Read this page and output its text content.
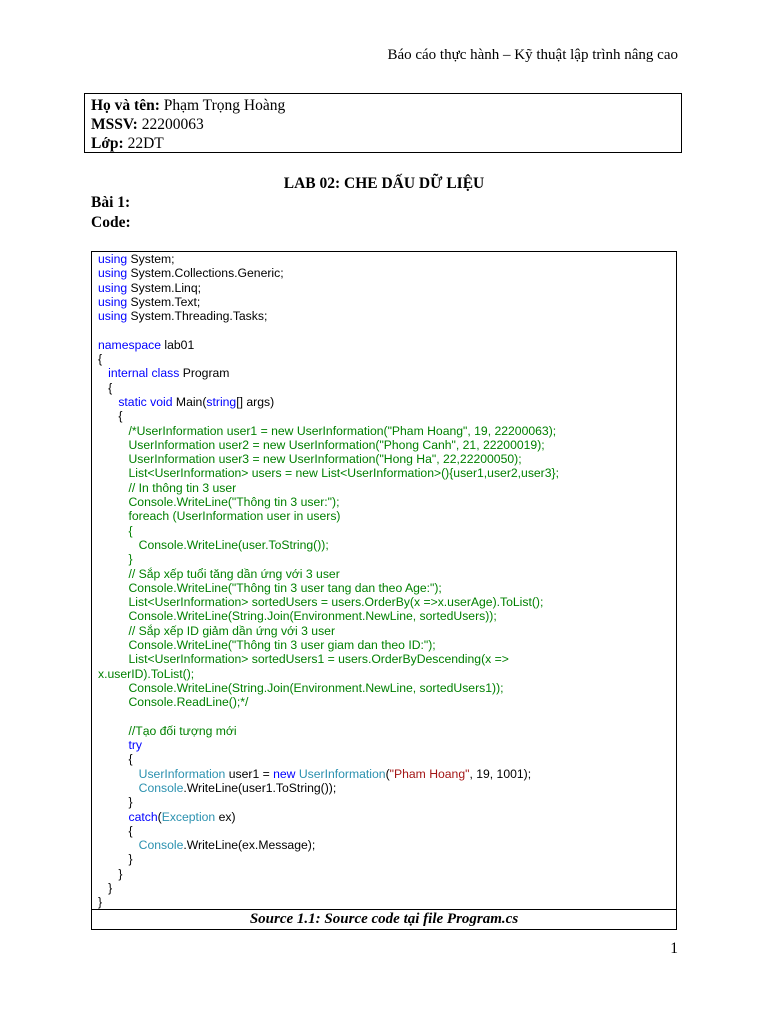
Báo cáo thực hành – Kỹ thuật lập trình nâng cao
Họ và tên: Phạm Trọng Hoàng
MSSV: 22200063
Lớp: 22DT
LAB 02: CHE DẤU DỮ LIỆU
Bài 1:
Code:
using System;
using System.Collections.Generic;
using System.Linq;
using System.Text;
using System.Threading.Tasks;

namespace lab01
{
internal class Program
{
static void Main(string[] args)
{
/*UserInformation user1 = new UserInformation("Pham Hoang", 19, 22200063);
UserInformation user2 = new UserInformation("Phong Canh", 21, 22200019);
UserInformation user3 = new UserInformation("Hong Ha", 22,22200050);
List<UserInformation> users = new List<UserInformation>(){user1,user2,user3};
// In thông tin 3 user
Console.WriteLine("Thông tin 3 user:");
foreach (UserInformation user in users)
{
Console.WriteLine(user.ToString());
}
// Sắp xếp tuổi tăng dần ứng với 3 user
Console.WriteLine("Thông tin 3 user tang dan theo Age:");
List<UserInformation> sortedUsers = users.OrderBy(x =>x.userAge).ToList();
Console.WriteLine(String.Join(Environment.NewLine, sortedUsers));
// Sắp xếp ID giảm dần ứng với 3 user
Console.WriteLine("Thông tin 3 user giam dan theo ID:");
List<UserInformation> sortedUsers1 = users.OrderByDescending(x =>
x.userID).ToList();
Console.WriteLine(String.Join(Environment.NewLine, sortedUsers1));
Console.ReadLine();*/

//Tạo đối tượng mới
try
{
UserInformation user1 = new UserInformation("Pham Hoang", 19, 1001);
Console.WriteLine(user1.ToString());
}
catch(Exception ex)
{
Console.WriteLine(ex.Message);
}
}
}
}
Source 1.1: Source code tại file Program.cs
1
